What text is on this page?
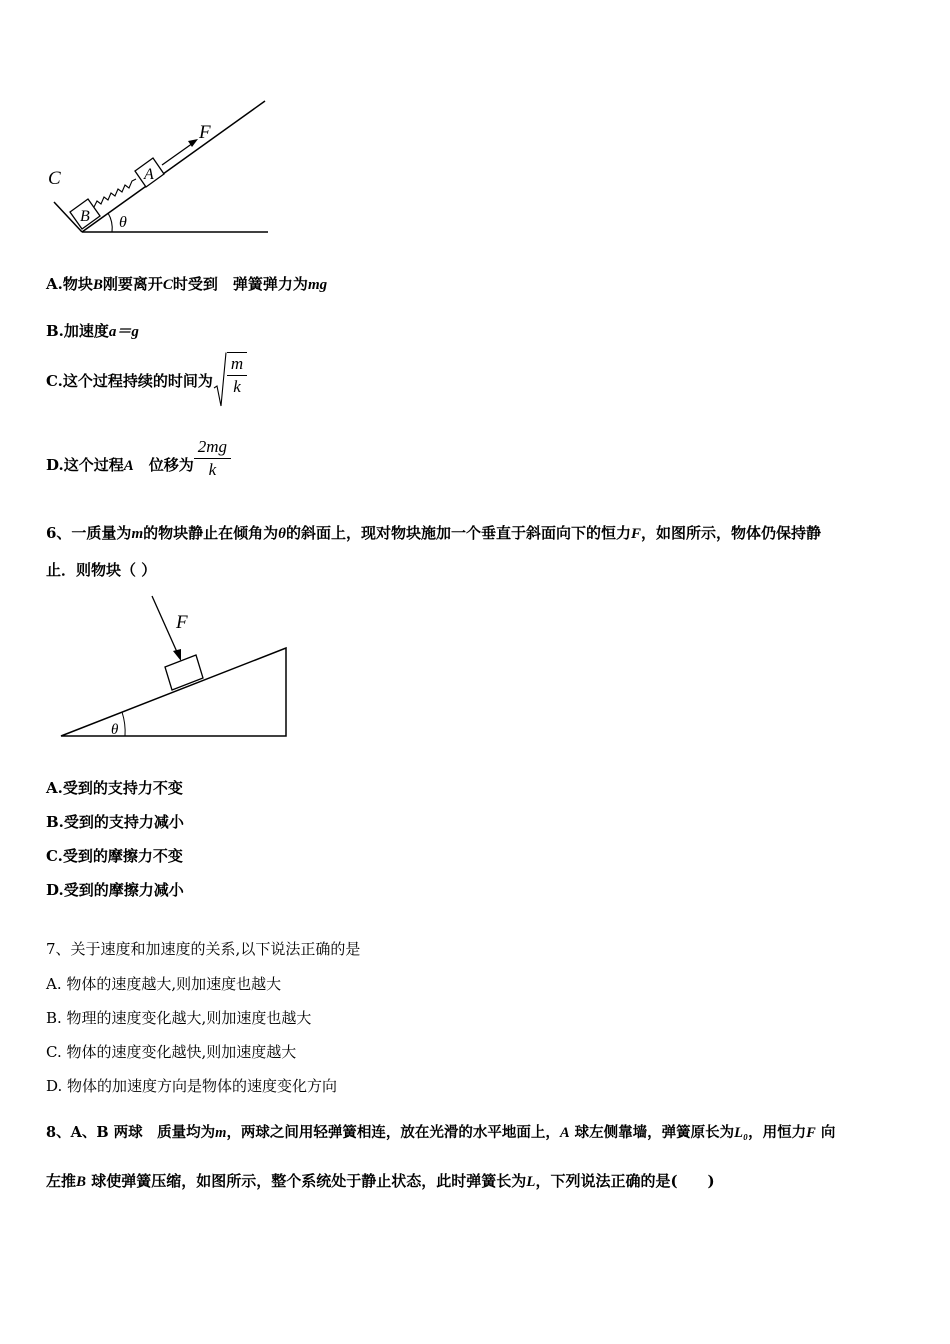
C
B
A
F
θ
A.物块B刚要离开C时受到　弹簧弹力为mg
B.加速度a＝g
C.这个过程持续的时间为 $\frac{m}{k}$
D.这个过程A　位移为 $\frac{2mg}{k}$
6、一质量为m的物块静止在倾角为θ的斜面上，现对物块施加一个垂直于斜面向下的恒力F，如图所示，物体仍保持静
止．则物块（ ）
F
θ
A.受到的支持力不变
B.受到的支持力减小
C.受到的摩擦力不变
D.受到的摩擦力减小
7、关于速度和加速度的关系,以下说法正确的是
A. 物体的速度越大,则加速度也越大
B. 物理的速度变化越大,则加速度也越大
C. 物体的速度变化越快,则加速度越大
D. 物体的加速度方向是物体的速度变化方向
8、A、B 两球　质量均为m，两球之间用轻弹簧相连，放在光滑的水平地面上，A 球左侧靠墙，弹簧原长为L₀，用恒力F 向
左推B 球使弹簧压缩，如图所示，整个系统处于静止状态，此时弹簧长为L，下列说法正确的是(　　)
